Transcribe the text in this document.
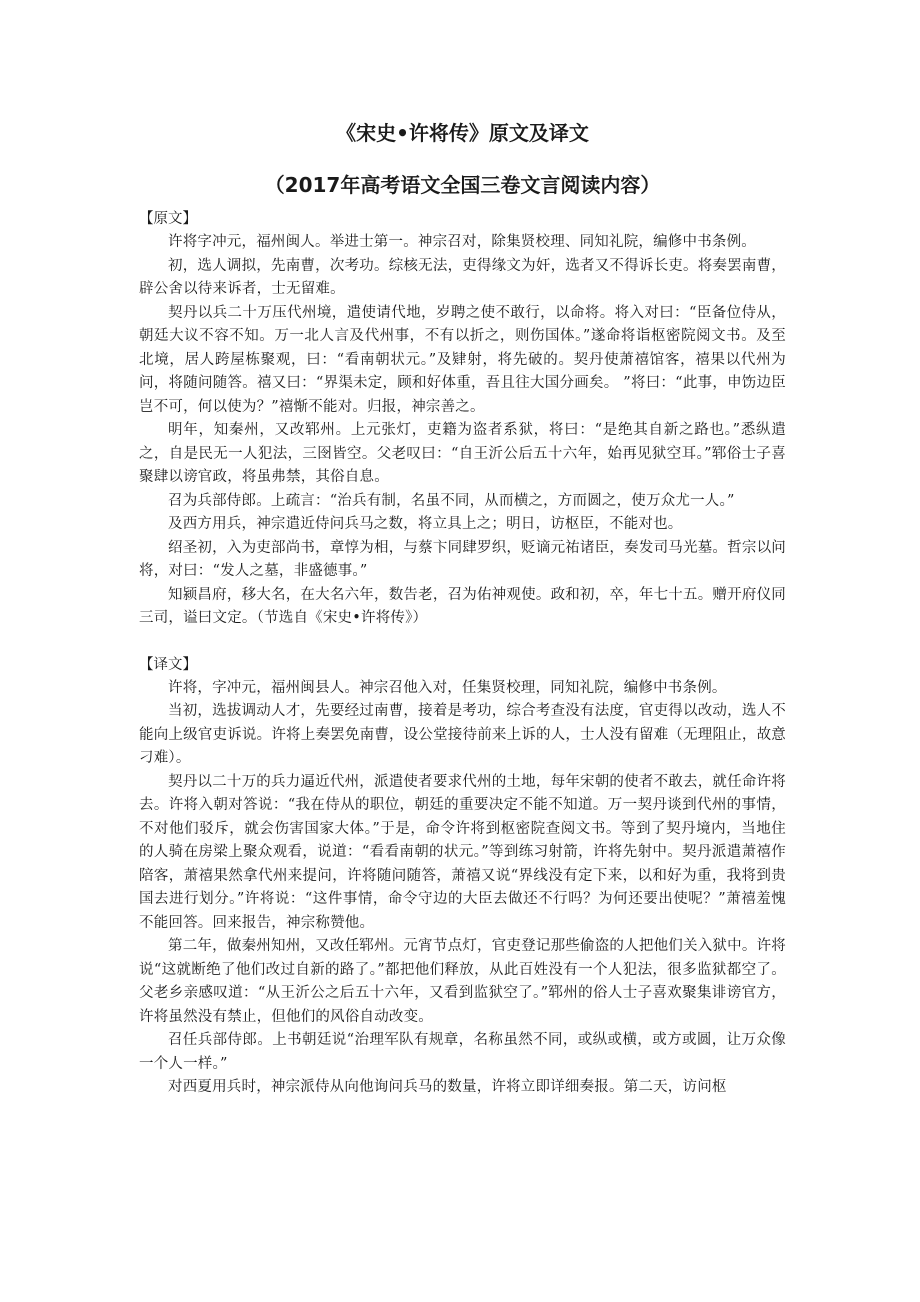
《宋史•许将传》原文及译文
（2017年高考语文全国三卷文言阅读内容）

【原文】

许将字冲元，福州闽人。举进士第一。神宗召对，除集贤校理、同知礼院，编修中书条例。

初，选人调拟，先南曹，次考功。综核无法，吏得缘文为奸，选者又不得诉长吏。将奏罢南曹，辟公舍以待来诉者，士无留难。

契丹以兵二十万压代州境，遣使请代地，岁聘之使不敢行，以命将。将入对曰：“臣备位侍从，朝廷大议不容不知。万一北人言及代州事，不有以折之，则伤国体。”遂命将诣枢密院阅文书。及至北境，居人跨屋栋聚观，曰：“看南朝状元。”及肄射，将先破的。契丹使萧禧馆客，禧果以代州为问，将随问随答。禧又曰：“界渠未定，顾和好体重，吾且往大国分画矣。 ”将曰：“此事，申饬边臣岂不可，何以使为？”禧惭不能对。归报，神宗善之。

明年，知秦州，又改郓州。上元张灯，吏籍为盗者系狱，将曰：“是绝其自新之路也。”悉纵遣之，自是民无一人犯法，三囹皆空。父老叹曰：“自王沂公后五十六年，始再见狱空耳。”郓俗士子喜聚肆以谤官政，将虽弗禁，其俗自息。

召为兵部侍郎。上疏言：“治兵有制，名虽不同，从而横之，方而圆之，使万众尤一人。”

及西方用兵，神宗遣近侍问兵马之数，将立具上之；明日，访枢臣，不能对也。

绍圣初，入为吏部尚书，章惇为相，与蔡卞同肆罗织，贬谪元祐诸臣，奏发司马光墓。哲宗以问将，对曰：“发人之墓，非盛德事。”

知颍昌府，移大名，在大名六年，数告老，召为佑神观使。政和初，卒，年七十五。赠开府仪同三司，谥曰文定。（节选自《宋史•许将传》）

【译文】

许将，字冲元，福州闽县人。神宗召他入对，任集贤校理，同知礼院，编修中书条例。

当初，选拔调动人才，先要经过南曹，接着是考功，综合考查没有法度，官吏得以改动，选人不能向上级官吏诉说。许将上奏罢免南曹，设公堂接待前来上诉的人，士人没有留难（无理阻止，故意刁难）。

契丹以二十万的兵力逼近代州，派遣使者要求代州的土地，每年宋朝的使者不敢去，就任命许将去。许将入朝对答说：“我在侍从的职位，朝廷的重要决定不能不知道。万一契丹谈到代州的事情，不对他们驳斥，就会伤害国家大体。”于是，命令许将到枢密院查阅文书。等到了契丹境内，当地住的人骑在房梁上聚众观看，说道：“看看南朝的状元。”等到练习射箭，许将先射中。契丹派遣萧禧作陪客，萧禧果然拿代州来提问，许将随问随答，萧禧又说“界线没有定下来，以和好为重，我将到贵国去进行划分。”许将说：“这件事情，命令守边的大臣去做还不行吗？为何还要出使呢？”萧禧羞愧不能回答。回来报告，神宗称赞他。

第二年，做秦州知州，又改任郓州。元宵节点灯，官吏登记那些偷盗的人把他们关入狱中。许将说“这就断绝了他们改过自新的路了。”都把他们释放，从此百姓没有一个人犯法，很多监狱都空了。父老乡亲感叹道：“从王沂公之后五十六年，又看到监狱空了。”郓州的俗人士子喜欢聚集诽谤官方，许将虽然没有禁止，但他们的风俗自动改变。

召任兵部侍郎。上书朝廷说“治理军队有规章，名称虽然不同，或纵或横，或方或圆，让万众像一个人一样。”

对西夏用兵时，神宗派侍从向他询问兵马的数量，许将立即详细奏报。第二天，访问枢
